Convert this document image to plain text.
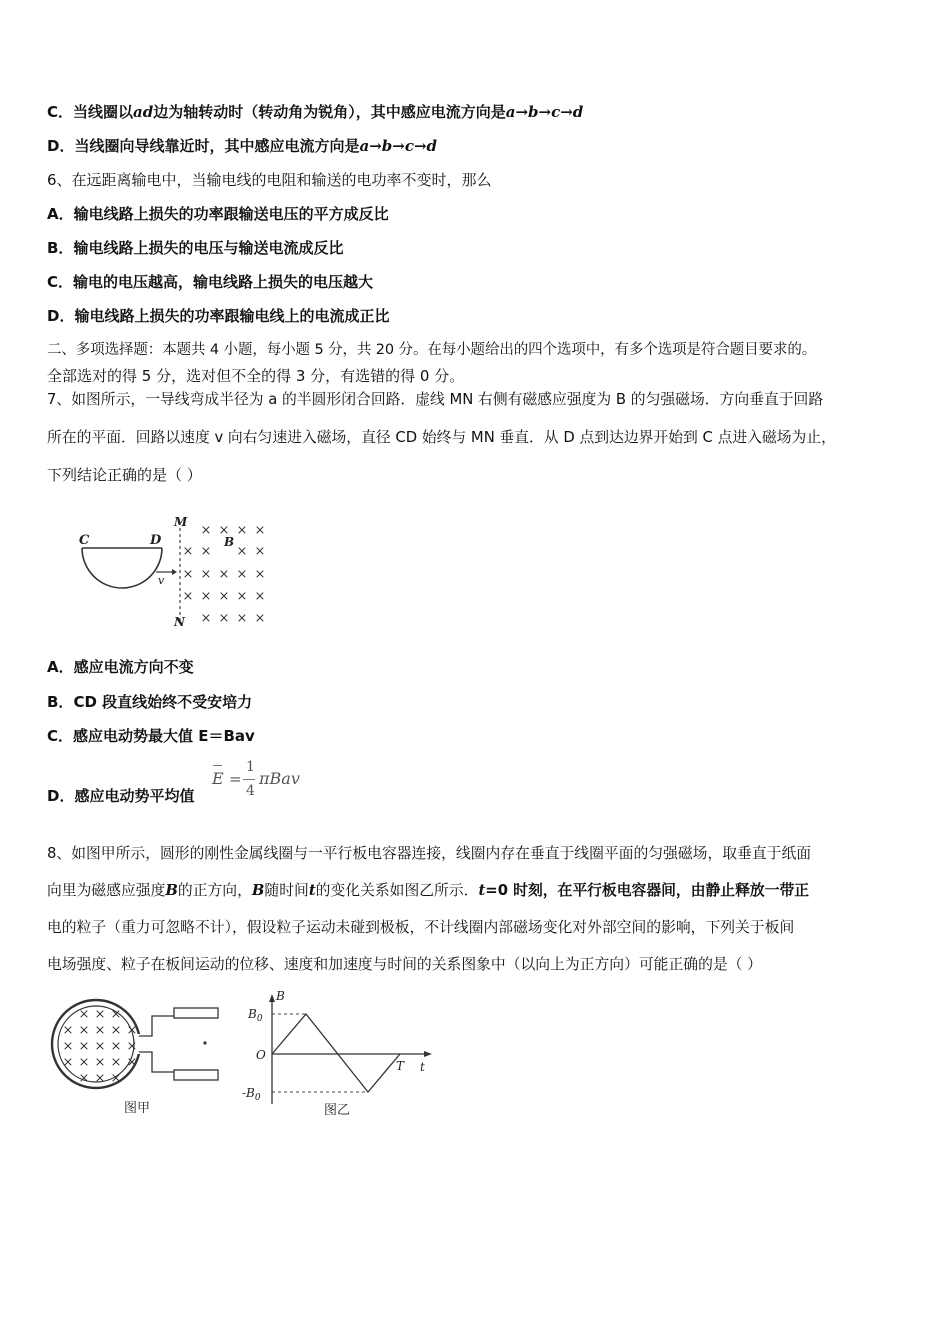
C．当线圈以ad边为轴转动时（转动角为锐角），其中感应电流方向是a→b→c→d
D．当线圈向导线靠近时，其中感应电流方向是a→b→c→d
6、在远距离输电中，当输电线的电阻和输送的电功率不变时，那么
A．输电线路上损失的功率跟输送电压的平方成反比
B．输电线路上损失的电压与输送电流成反比
C．输电的电压越高，输电线路上损失的电压越大
D．输电线路上损失的功率跟输电线上的电流成正比
二、多项选择题：本题共 4 小题，每小题 5 分，共 20 分。在每小题给出的四个选项中，有多个选项是符合题目要求的。
全部选对的得 5 分，选对但不全的得 3 分，有选错的得 0 分。
7、如图所示，一导线弯成半径为 a 的半圆形闭合回路．虚线 MN 右侧有磁感应强度为 B 的匀强磁场．方向垂直于回路
所在的平面．回路以速度 v 向右匀速进入磁场，直径 CD 始终与 MN 垂直．从 D 点到达边界开始到 C 点进入磁场为止，
下列结论正确的是（ ）
C	D
v
M
N
B
× × × ×
× × × ×
× × × × ×
× × × × ×
× × × ×
A．感应电流方向不变
B．CD 段直线始终不受安培力
C．感应电动势最大值 E＝Bav
D．感应电动势平均值
E =
1
4
πBav
8、如图甲所示，圆形的刚性金属线圈与一平行板电容器连接，线圈内存在垂直于线圈平面的匀强磁场，取垂直于纸面
向里为磁感应强度B的正方向，B随时间t的变化关系如图乙所示．t=0 时刻，在平行板电容器间，由静止释放一带正
电的粒子（重力可忽略不计），假设粒子运动未碰到极板，不计线圈内部磁场变化对外部空间的影响，下列关于板间
电场强度、粒子在板间运动的位移、速度和加速度与时间的关系图象中（以向上为正方向）可能正确的是（ ）
× × ×
× × × × ×
× × × × ×
× × × × ×
× × ×
图甲
B
t
O
$B_0$
$-B_0$
T
图乙
